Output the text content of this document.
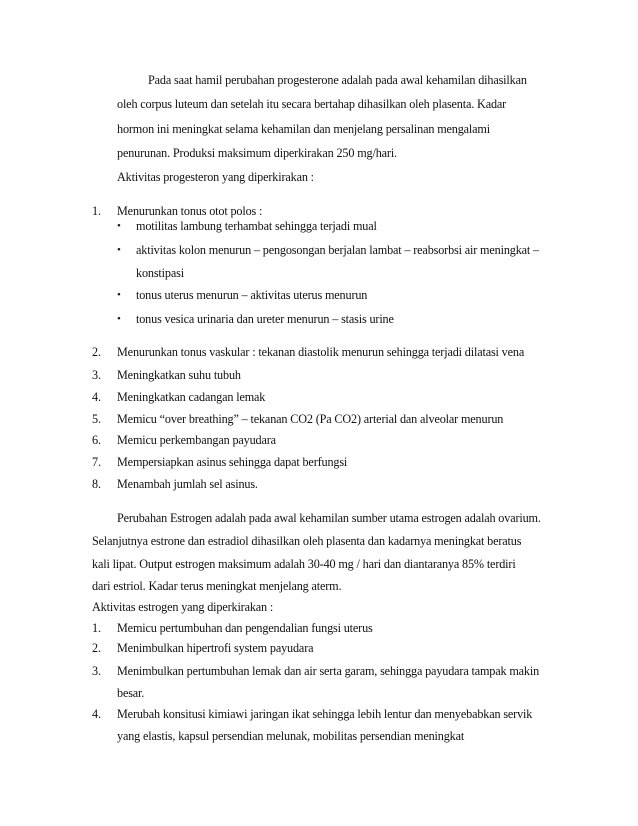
Pada saat hamil perubahan progesterone adalah pada awal kehamilan dihasilkan
oleh corpus luteum dan setelah itu secara bertahap dihasilkan oleh plasenta. Kadar
hormon ini meningkat selama kehamilan dan menjelang persalinan mengalami
penurunan. Produksi maksimum diperkirakan 250 mg/hari.
Aktivitas progesteron yang diperkirakan :
1. Menurunkan tonus otot polos :
• motilitas lambung terhambat sehingga terjadi mual
• aktivitas kolon menurun – pengosongan berjalan lambat – reabsorbsi air meningkat –
konstipasi
• tonus uterus menurun – aktivitas uterus menurun
• tonus vesica urinaria dan ureter menurun – stasis urine
2. Menurunkan tonus vaskular : tekanan diastolik menurun sehingga terjadi dilatasi vena
3. Meningkatkan suhu tubuh
4. Meningkatkan cadangan lemak
5. Memicu “over breathing” – tekanan CO2 (Pa CO2) arterial dan alveolar menurun
6. Memicu perkembangan payudara
7. Mempersiapkan asinus sehingga dapat berfungsi
8. Menambah jumlah sel asinus.
Perubahan Estrogen adalah pada awal kehamilan sumber utama estrogen adalah ovarium.
Selanjutnya estrone dan estradiol dihasilkan oleh plasenta dan kadarnya meningkat beratus
kali lipat. Output estrogen maksimum adalah 30-40 mg / hari dan diantaranya 85% terdiri
dari estriol. Kadar terus meningkat menjelang aterm.
Aktivitas estrogen yang diperkirakan :
1. Memicu pertumbuhan dan pengendalian fungsi uterus
2. Menimbulkan hipertrofi system payudara
3. Menimbulkan pertumbuhan lemak dan air serta garam, sehingga payudara tampak makin
besar.
4. Merubah konsitusi kimiawi jaringan ikat sehingga lebih lentur dan menyebabkan servik
yang elastis, kapsul persendian melunak, mobilitas persendian meningkat
